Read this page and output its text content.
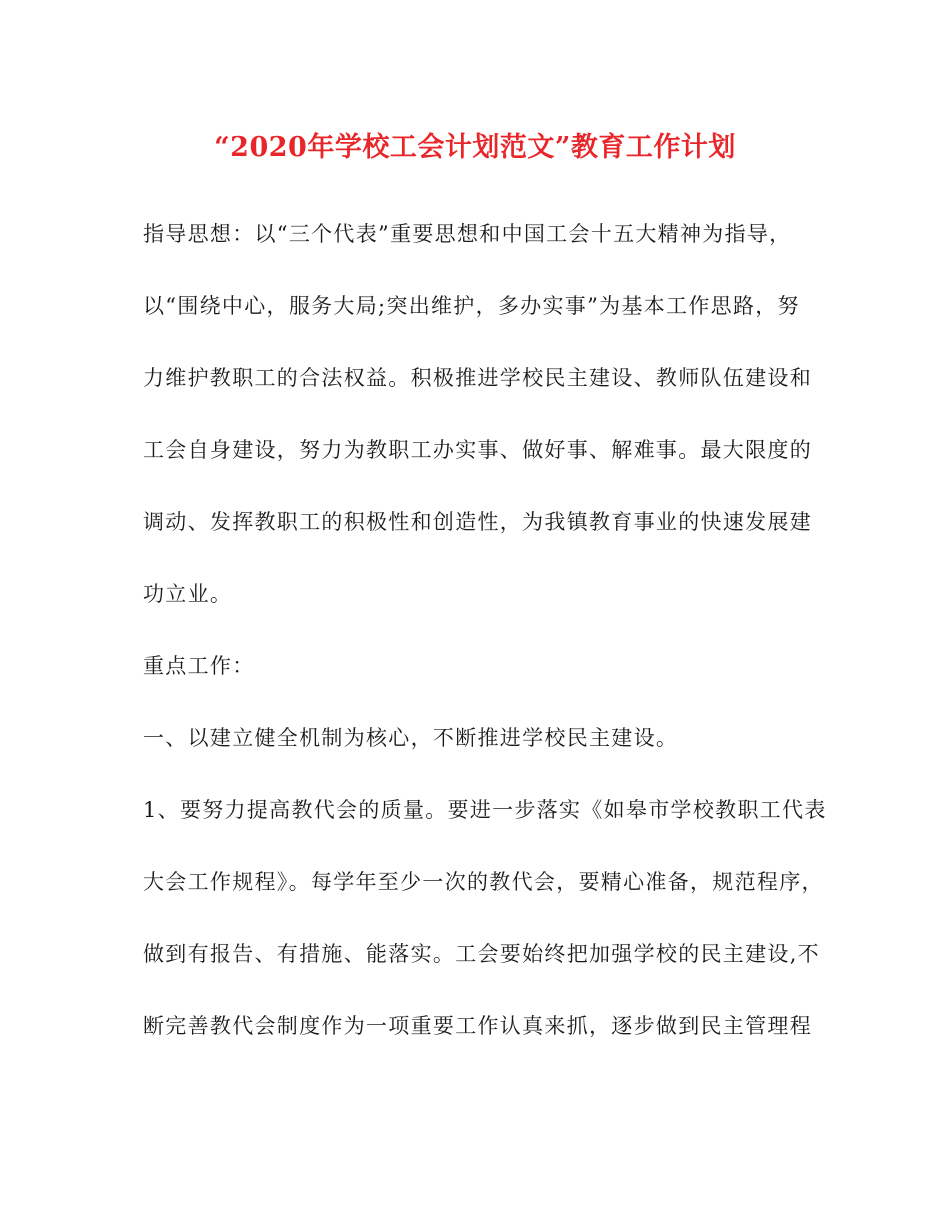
“2020年学校工会计划范文”教育工作计划
指导思想：以“三个代表”重要思想和中国工会十五大精神为指导，
以“围绕中心，服务大局;突出维护，多办实事”为基本工作思路，努
力维护教职工的合法权益。积极推进学校民主建设、教师队伍建设和
工会自身建设，努力为教职工办实事、做好事、解难事。最大限度的
调动、发挥教职工的积极性和创造性，为我镇教育事业的快速发展建
功立业。
重点工作：
一、以建立健全机制为核心，不断推进学校民主建设。
1、要努力提高教代会的质量。要进一步落实《如皋市学校教职工代表
大会工作规程》。每学年至少一次的教代会，要精心准备，规范程序，
做到有报告、有措施、能落实。工会要始终把加强学校的民主建设,不
断完善教代会制度作为一项重要工作认真来抓，逐步做到民主管理程
